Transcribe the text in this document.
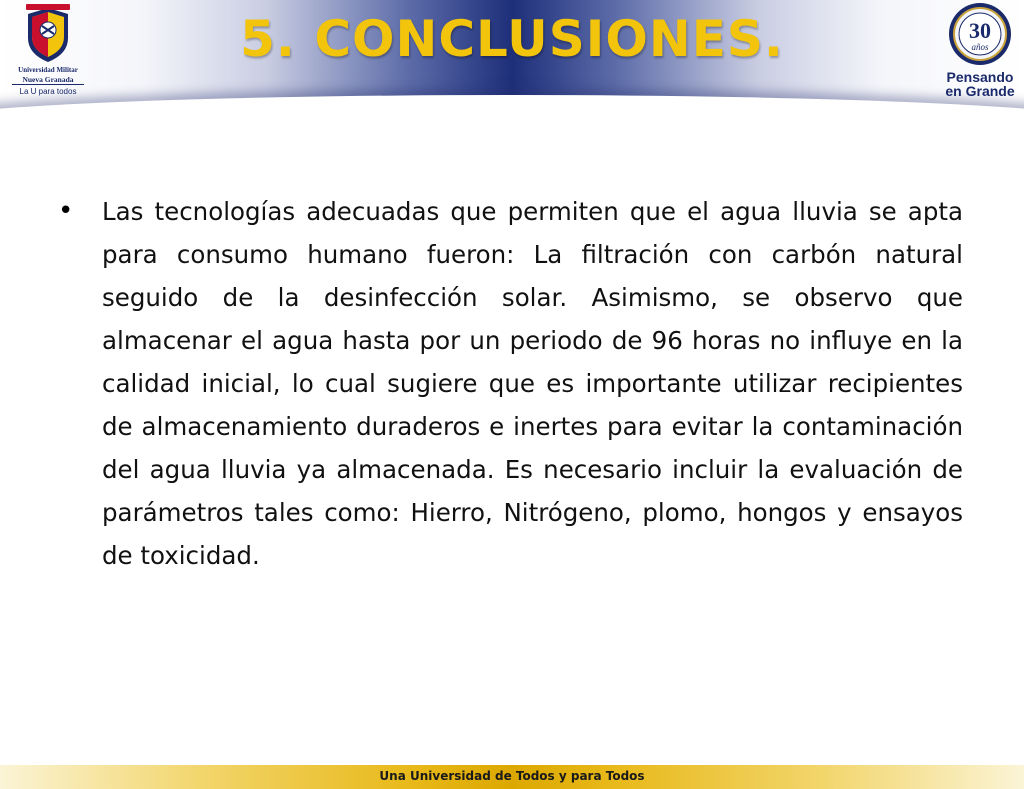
5. CONCLUSIONES.
Universidad Militar
Nueva Granada
La U para todos
30
años
Pensando
en Grande
•	Las tecnologías adecuadas que permiten que el agua lluvia se apta para consumo humano fueron: La filtración con carbón natural seguido de la desinfección solar. Asimismo, se observo que almacenar el agua hasta por un periodo de 96 horas no influye en la calidad inicial, lo cual sugiere que es importante utilizar recipientes de almacenamiento duraderos e inertes para evitar la contaminación del agua lluvia ya almacenada. Es necesario incluir la evaluación de parámetros tales como: Hierro, Nitrógeno, plomo, hongos y ensayos de toxicidad.

Una Universidad de Todos y para Todos
